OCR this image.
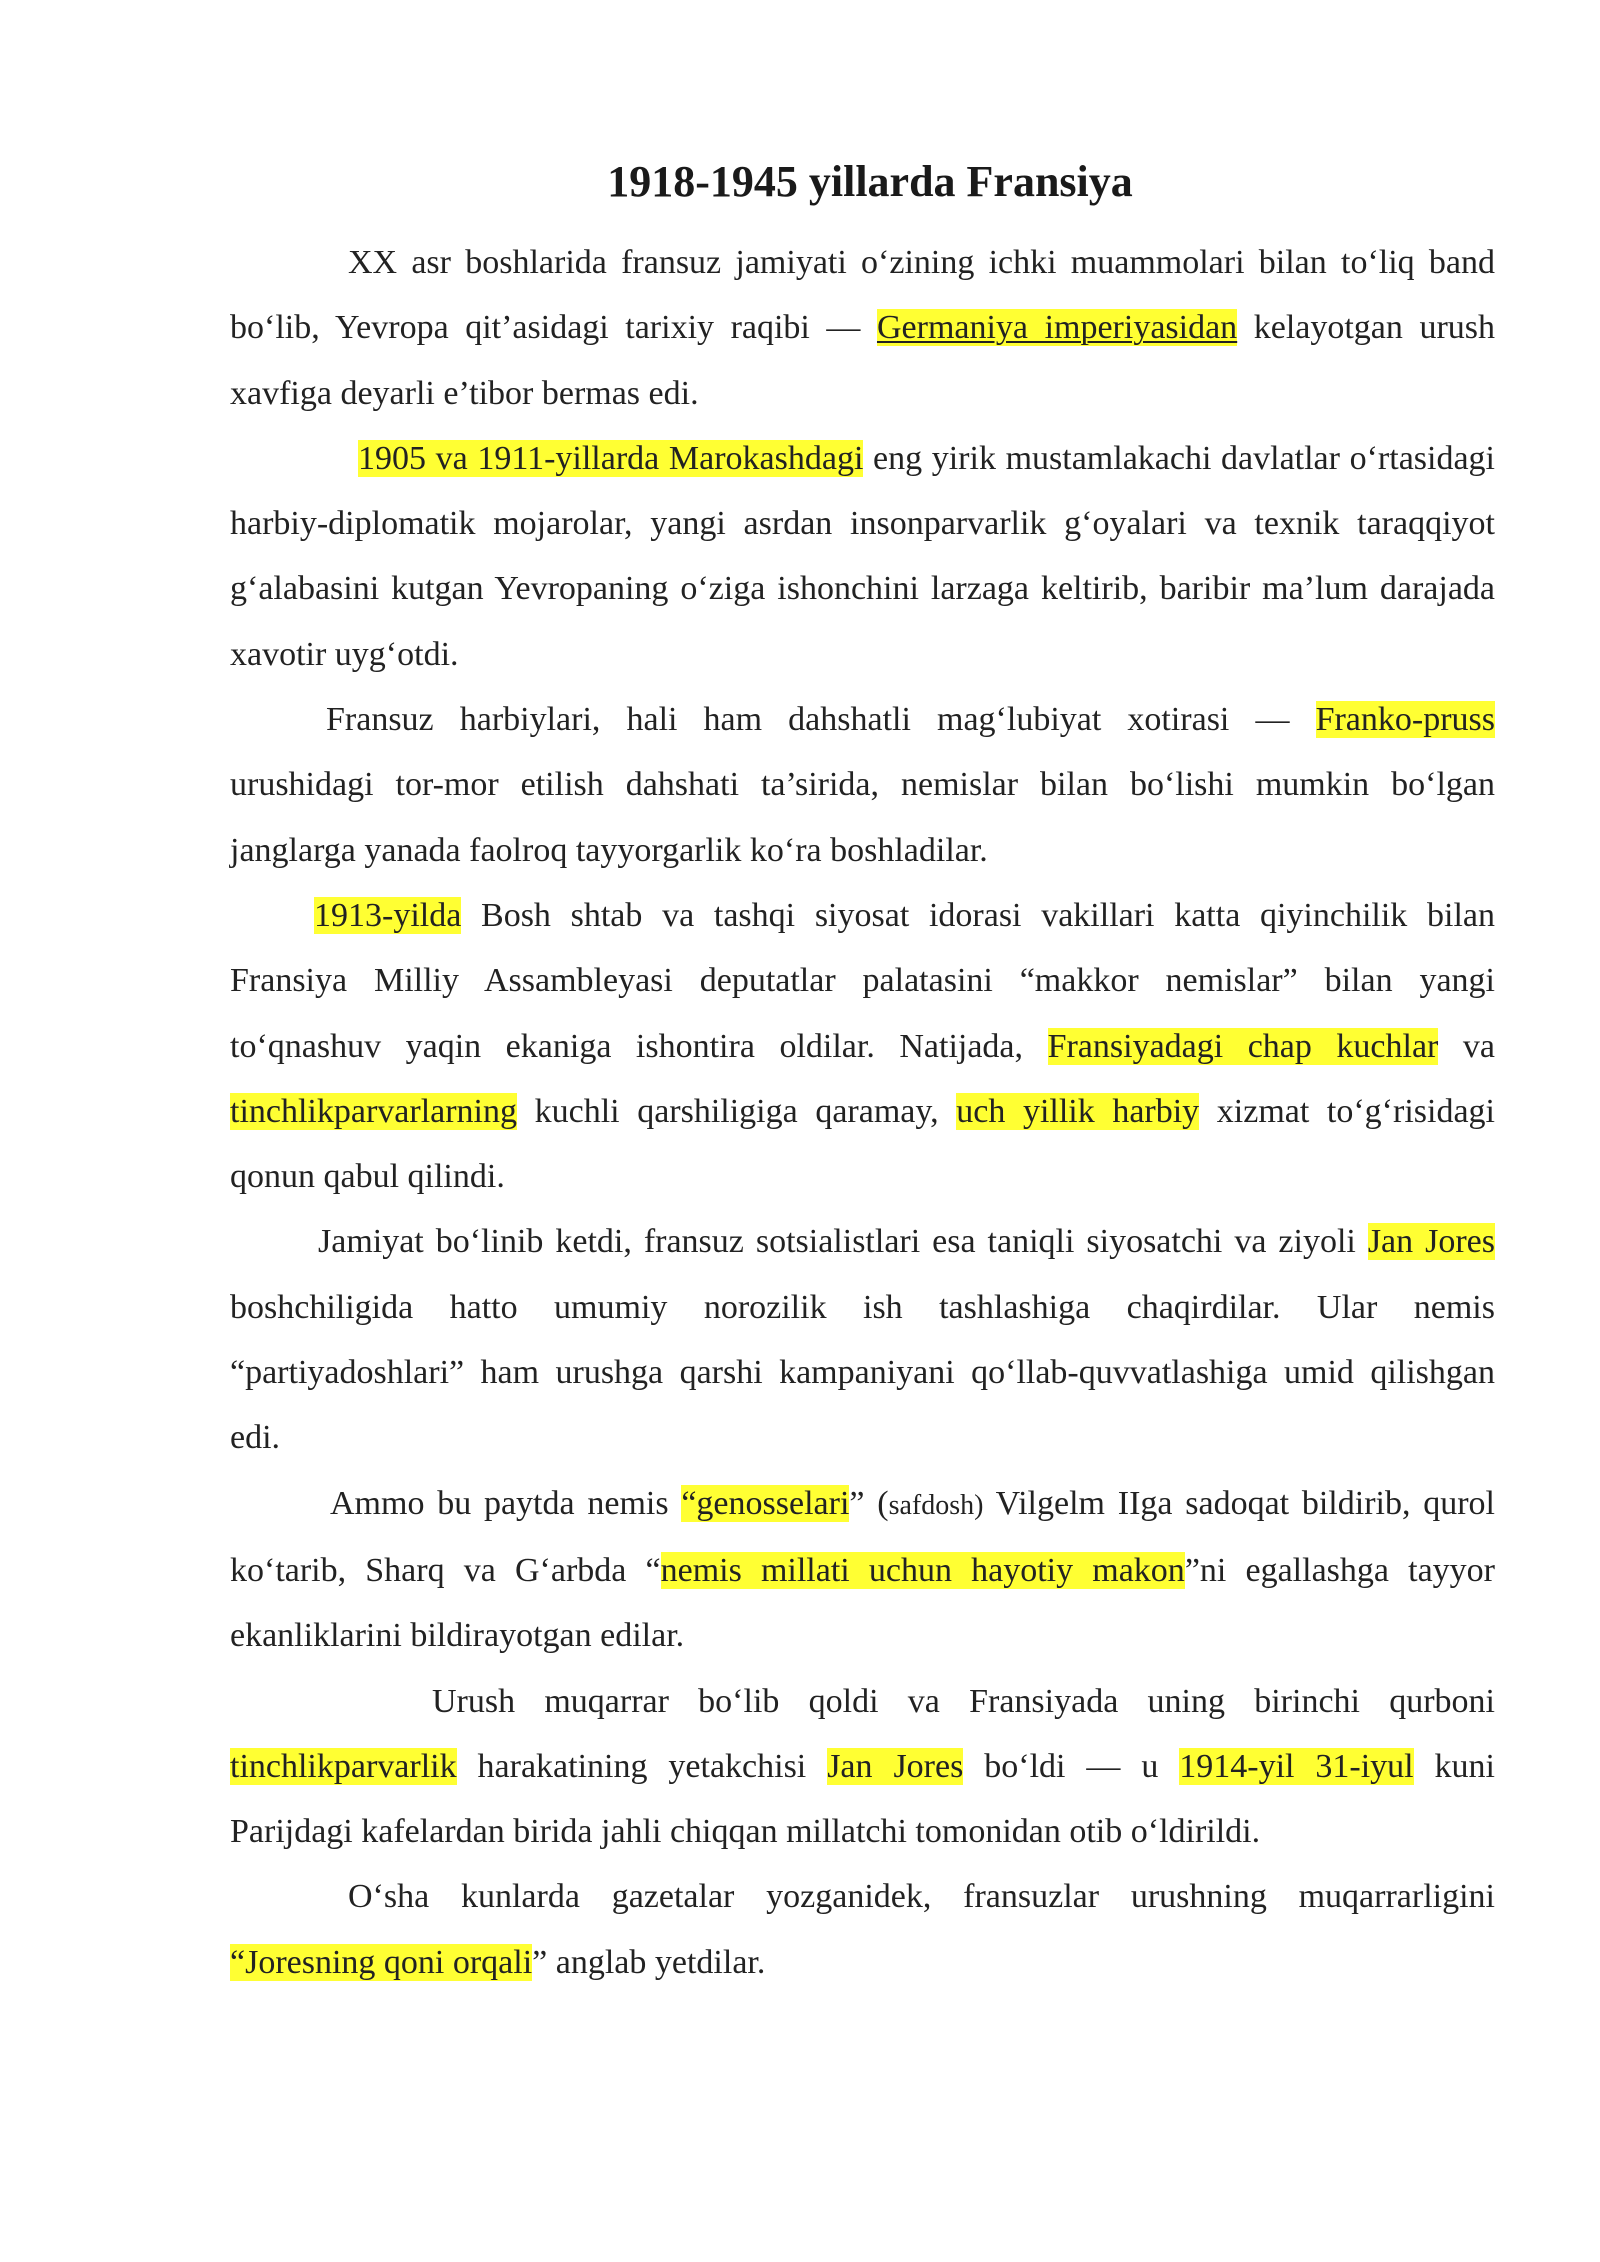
1918-1945 yillarda Fransiya

XX asr boshlarida fransuz jamiyati o‘zining ichki muammolari bilan to‘liq band bo‘lib, Yevropa qit’asidagi tarixiy raqibi — Germaniya imperiyasidan kelayotgan urush xavfiga deyarli e’tibor bermas edi.

1905 va 1911-yillarda Marokashdagi eng yirik mustamlakachi davlatlar o‘rtasidagi harbiy-diplomatik mojarolar, yangi asrdan insonparvarlik g‘oyalari va texnik taraqqiyot g‘alabasini kutgan Yevropaning o‘ziga ishonchini larzaga keltirib, baribir ma’lum darajada xavotir uyg‘otdi.

Fransuz harbiylari, hali ham dahshatli mag‘lubiyat xotirasi — Franko-pruss urushidagi tor-mor etilish dahshati ta’sirida, nemislar bilan bo‘lishi mumkin bo‘lgan janglarga yanada faolroq tayyorgarlik ko‘ra boshladilar.

1913-yilda Bosh shtab va tashqi siyosat idorasi vakillari katta qiyinchilik bilan Fransiya Milliy Assambleyasi deputatlar palatasini “makkor nemislar” bilan yangi to‘qnashuv yaqin ekaniga ishontira oldilar. Natijada, Fransiyadagi chap kuchlar va tinchlikparvarlarning kuchli qarshiligiga qaramay, uch yillik harbiy xizmat to‘g‘risidagi qonun qabul qilindi.

Jamiyat bo‘linib ketdi, fransuz sotsialistlari esa taniqli siyosatchi va ziyoli Jan Jores boshchiligida hatto umumiy norozilik ish tashlashiga chaqirdilar. Ular nemis “partiyadoshlari” ham urushga qarshi kampaniyani qo‘llab-quvvatlashiga umid qilishgan edi.

Ammo bu paytda nemis “genosselari” (safdosh) Vilgelm IIga sadoqat bildirib, qurol ko‘tarib, Sharq va G‘arbda “nemis millati uchun hayotiy makon”ni egallashga tayyor ekanliklarini bildirayotgan edilar.

Urush muqarrar bo‘lib qoldi va Fransiyada uning birinchi qurboni tinchlikparvarlik harakatining yetakchisi Jan Jores bo‘ldi — u 1914-yil 31-iyul kuni Parijdagi kafelardan birida jahli chiqqan millatchi tomonidan otib o‘ldirildi.

O‘sha kunlarda gazetalar yozganidek, fransuzlar urushning muqarrarligini “Joresning qoni orqali” anglab yetdilar.
